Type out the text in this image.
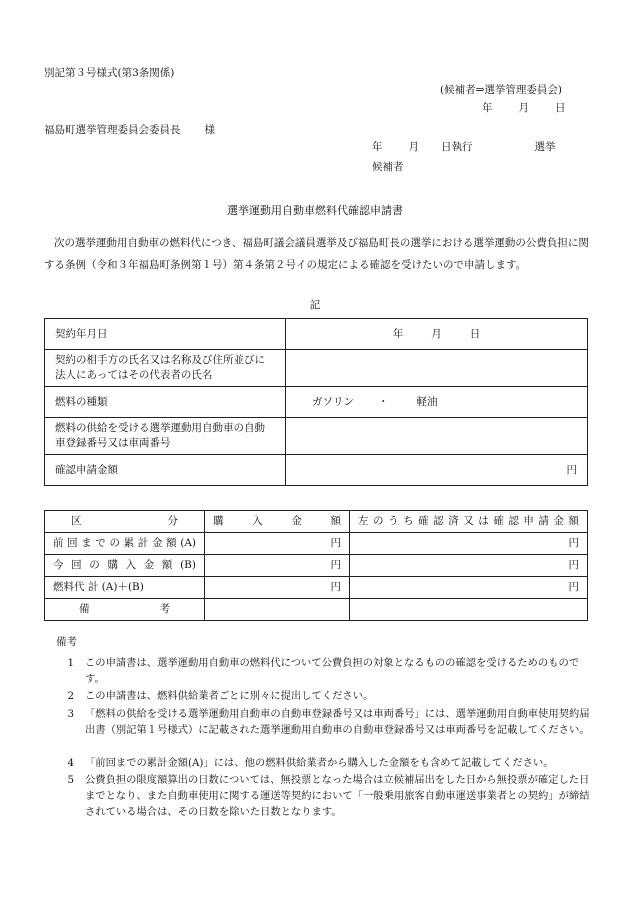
別記第３号様式(第3条関係)
(候補者⇒選挙管理委員会)
年 月 日
福島町選挙管理委員会委員長 様
年 月 日執行	選挙
候補者
選挙運動用自動車燃料代確認申請書
次の選挙運動用自動車の燃料代につき、福島町議会議員選挙及び福島町長の選挙における選挙運動の公費負担に関する条例（令和３年福島町条例第１号）第４条第２号イの規定による確認を受けたいので申請します。
記
契約年月日	年 月 日
契約の相手方の氏名又は名称及び住所並びに法人にあってはその代表者の氏名	
燃料の種類	ガソリン ・ 軽油
燃料の供給を受ける選挙運動用自動車の自動車登録番号又は車両番号	
確認申請金額	円
区 分	購入金額	左のうち確認済又は確認申請金額

前回までの累計金額(A)	円	円

今回の購入金額(B)	円	円
燃料代 計 (A)＋(B)	円	円

備 考		

備考
1 この申請書は、選挙運動用自動車の燃料代について公費負担の対象となるものの確認を受けるためのものです。
2 この申請書は、燃料供給業者ごとに別々に提出してください。
3 「燃料の供給を受ける選挙運動用自動車の自動車登録番号又は車両番号」には、選挙運動用自動車使用契約届出書（別記第１号様式）に記載された選挙運動用自動車の自動車登録番号又は車両番号を記載してください。
4 「前回までの累計金額(A)」には、他の燃料供給業者から購入した金額をも含めて記載してください。
5 公費負担の限度額算出の日数については、無投票となった場合は立候補届出をした日から無投票が確定した日までとなり、また自動車使用に関する運送等契約において「一般乗用旅客自動車運送事業者との契約」が締結されている場合は、その日数を除いた日数となります。
